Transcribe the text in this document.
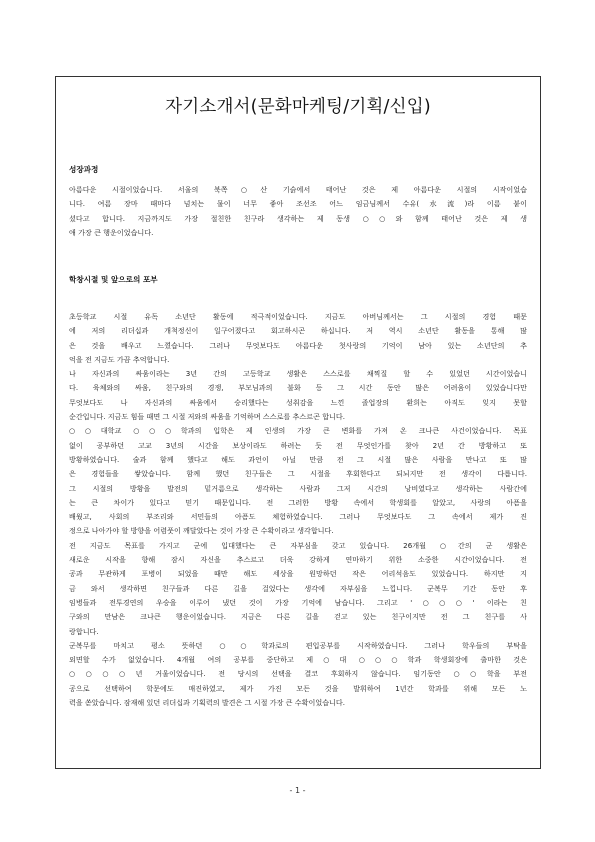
자기소개서(문화마케팅/기획/신입)
성장과정
아름다운 시절이었습니다. 서울의 북쪽○산 기슭에서 태어난 것은 제 아름다운 시절의 시작이었습
니다. 여름 장마 때마다 넘치는 물이 너무 좋아 조선조 어느 임금님께서 수유(水流)라 이름 붙이
셨다고 합니다. 지금까지도 가장 절친한 친구라 생각하는 제 동생 ○○와 함께 태어난 것은 제 생
애 가장 큰 행운이었습니다.
학창시절 및 앞으로의 포부
초등학교 시절 유독 소년단 활동에 적극적이었습니다. 지금도 아버님께서는 그 시절의 경험 때문
에 저의 리더십과 개척정신이 일구어졌다고 회고하시곤 하십니다. 저 역시 소년단 활동을 통해 많
은 것을 배우고 느꼈습니다. 그러나 무엇보다도 아름다운 첫사랑의 기억이 남아 있는 소년단의 추
억을 전 지금도 가끔 추억합니다.
나 자신과의 싸움이라는 3년 간의 고등학교 생활은 스스로를 채찍질 할 수 있었던 시간이었습니
다. 육체와의 싸움, 친구와의 경쟁, 부모님과의 불화 등 그 시간 동안 많은 어려움이 있었습니다만
무엇보다도 나 자신과의 싸움에서 승리했다는 성취감을 느낀 졸업장의 환희는 아직도 잊지 못할
순간입니다. 지금도 힘들 때면 그 시절 저와의 싸움을 기억하며 스스로를 추스르곤 합니다.
○○대학교 ○○○학과의 입학은 제 인생의 가장 큰 변화를 가져 온 크나큰 사건이었습니다. 목표
없이 공부하던 고교 3년의 시간을 보상이라도 하려는 듯 전 무엇인가를 찾아 2년 간 방황하고 또
방황하였습니다. 술과 함께 했다고 해도 과언이 아닐 만큼 전 그 시절 많은 사람을 만나고 또 많
은 경험들을 쌓았습니다. 함께 했던 친구들은 그 시절을 후회한다고 되뇌지만 전 생각이 다릅니다.
그 시절의 방황을 발전의 밑거름으로 생각하는 사람과 그저 시간의 낭비였다고 생각하는 사람간에
는 큰 차이가 있다고 믿기 때문입니다. 전 그러한 방황 속에서 학생회를 알았고, 사랑의 아픔을
배웠고, 사회의 부조리와 서민들의 아픔도 체험하였습니다. 그러나 무엇보다도 그 속에서 제가 진
정으로 나아가야 할 방향을 어렴풋이 깨달았다는 것이 가장 큰 수확이라고 생각합니다.
전 지금도 목표를 가지고 군에 입대했다는 큰 자부심을 갖고 있습니다. 26개월 ○간의 군 생활은
새로운 시작을 향해 잠시 자신을 추스르고 더욱 강하게 연마하기 위한 소중한 시간이었습니다. 전
공과 무관하게 포병이 되었을 때만 해도 세상을 원망하던 작은 어리석음도 있었습니다. 하지만 지
금 와서 생각하면 친구들과 다른 길을 걸었다는 생각에 자부심을 느낍니다. 군복무 기간 동안 후
임병들과 전투경연의 우승을 이루어 냈던 것이 가장 기억에 남습니다. 그리고 '○○○' 이라는 친
구와의 만남은 크나큰 행운이었습니다. 지금은 다른 길을 걷고 있는 친구이지만 전 그 친구를 사
랑합니다.
군복무를 마치고 평소 뜻하던 ○○학과로의 편입공부를 시작하였습니다. 그러나 학우들의 부탁을
외면할 수가 없었습니다. 4개월 여의 공부를 중단하고 제○대 ○○○학과 학생회장에 출마한 것은
○○○○년 거울이었습니다. 전 당시의 선택을 결코 후회하지 않습니다. 임기동안 ○○학을 부전
공으로 선택하여 학문에도 매진하였고, 제가 가진 모든 것을 발휘하여 1년간 학과를 위해 모든 노
력을 쏟았습니다. 잠재해 있던 리더십과 기획력의 발견은 그 시절 가장 큰 수확이었습니다.
- 1 -
